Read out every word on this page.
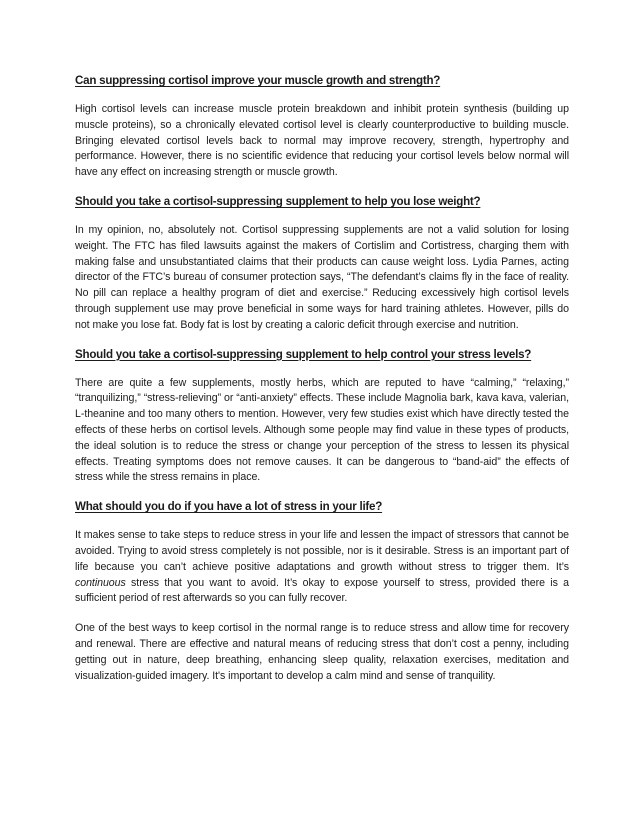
Can suppressing cortisol improve your muscle growth and strength?

High cortisol levels can increase muscle protein breakdown and inhibit protein synthesis (building up muscle proteins), so a chronically elevated cortisol level is clearly counterproductive to building muscle. Bringing elevated cortisol levels back to normal may improve recovery, strength, hypertrophy and performance. However, there is no scientific evidence that reducing your cortisol levels below normal will have any effect on increasing strength or muscle growth.

Should you take a cortisol-suppressing supplement to help you lose weight?

In my opinion, no, absolutely not. Cortisol suppressing supplements are not a valid solution for losing weight. The FTC has filed lawsuits against the makers of Cortislim and Cortistress, charging them with making false and unsubstantiated claims that their products can cause weight loss. Lydia Parnes, acting director of the FTC’s bureau of consumer protection says, “The defendant’s claims fly in the face of reality. No pill can replace a healthy program of diet and exercise.” Reducing excessively high cortisol levels through supplement use may prove beneficial in some ways for hard training athletes. However, pills do not make you lose fat. Body fat is lost by creating a caloric deficit through exercise and nutrition.

Should you take a cortisol-suppressing supplement to help control your stress levels?

There are quite a few supplements, mostly herbs, which are reputed to have “calming,” “relaxing,” “tranquilizing,” “stress-relieving” or “anti-anxiety” effects. These include Magnolia bark, kava kava, valerian, L-theanine and too many others to mention. However, very few studies exist which have directly tested the effects of these herbs on cortisol levels. Although some people may find value in these types of products, the ideal solution is to reduce the stress or change your perception of the stress to lessen its physical effects. Treating symptoms does not remove causes. It can be dangerous to “band-aid” the effects of stress while the stress remains in place.

What should you do if you have a lot of stress in your life?

It makes sense to take steps to reduce stress in your life and lessen the impact of stressors that cannot be avoided. Trying to avoid stress completely is not possible, nor is it desirable. Stress is an important part of life because you can’t achieve positive adaptations and growth without stress to trigger them. It’s continuous stress that you want to avoid. It’s okay to expose yourself to stress, provided there is a sufficient period of rest afterwards so you can fully recover.

One of the best ways to keep cortisol in the normal range is to reduce stress and allow time for recovery and renewal. There are effective and natural means of reducing stress that don’t cost a penny, including getting out in nature, deep breathing, enhancing sleep quality, relaxation exercises, meditation and visualization-guided imagery. It's important to develop a calm mind and sense of tranquility.
